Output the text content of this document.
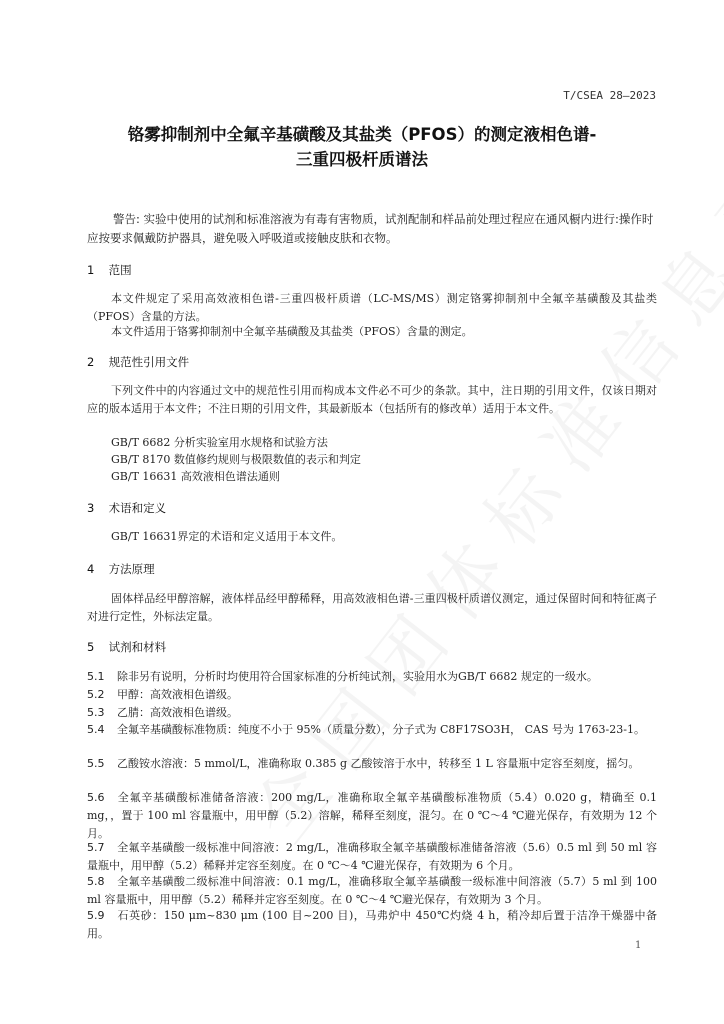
T/CSEA 28—2023
铬雾抑制剂中全氟辛基磺酸及其盐类（PFOS）的测定液相色谱-
三重四极杆质谱法

警告: 实验中使用的试剂和标准溶液为有毒有害物质，试剂配制和样品前处理过程应在通风橱内进行:操作时应按要求佩戴防护器具，避免吸入呼吸道或接触皮肤和衣物。

1 范围

本文件规定了采用高效液相色谱-三重四极杆质谱（LC-MS/MS）测定铬雾抑制剂中全氟辛基磺酸及其盐类（PFOS）含量的方法。

本文件适用于铬雾抑制剂中全氟辛基磺酸及其盐类（PFOS）含量的测定。

2 规范性引用文件

下列文件中的内容通过文中的规范性引用而构成本文件必不可少的条款。其中，注日期的引用文件，仅该日期对应的版本适用于本文件；不注日期的引用文件，其最新版本（包括所有的修改单）适用于本文件。

GB/T 6682 分析实验室用水规格和试验方法

GB/T 8170 数值修约规则与极限数值的表示和判定

GB/T 16631 高效液相色谱法通则

3 术语和定义

GB/T 16631界定的术语和定义适用于本文件。

4 方法原理

固体样品经甲醇溶解，液体样品经甲醇稀释，用高效液相色谱-三重四极杆质谱仪测定，通过保留时间和特征离子对进行定性，外标法定量。

5 试剂和材料

5.1 除非另有说明，分析时均使用符合国家标准的分析纯试剂，实验用水为GB/T 6682 规定的一级水。

5.2 甲醇：高效液相色谱级。

5.3 乙腈：高效液相色谱级。

5.4 全氟辛基磺酸标准物质：纯度不小于 95%（质量分数），分子式为 C8F17SO3H， CAS 号为 1763-23-1。

5.5 乙酸铵水溶液：5 mmol/L，准确称取 0.385 g 乙酸铵溶于水中，转移至 1 L 容量瓶中定容至刻度，摇匀。

5.6 全氟辛基磺酸标准储备溶液：200 mg/L，准确称取全氟辛基磺酸标准物质（5.4）0.020 g，精确至 0.1 mg，，置于 100 ml 容量瓶中，用甲醇（5.2）溶解，稀释至刻度，混匀。在 0 ℃～4 ℃避光保存，有效期为 12 个月。

5.7 全氟辛基磺酸一级标准中间溶液：2 mg/L，准确移取全氟辛基磺酸标准储备溶液（5.6）0.5 ml 到 50 ml 容量瓶中，用甲醇（5.2）稀释并定容至刻度。在 0 ℃～4 ℃避光保存，有效期为 6 个月。

5.8 全氟辛基磺酸二级标准中间溶液：0.1 mg/L，准确移取全氟辛基磺酸一级标准中间溶液（5.7）5 ml 到 100 ml 容量瓶中，用甲醇（5.2）稀释并定容至刻度。在 0 ℃～4 ℃避光保存，有效期为 3 个月。

5.9 石英砂：150 μm~830 μm (100 目~200 目)，马弗炉中 450℃灼烧 4 h，稍冷却后置于洁净干燥器中备用。

1
